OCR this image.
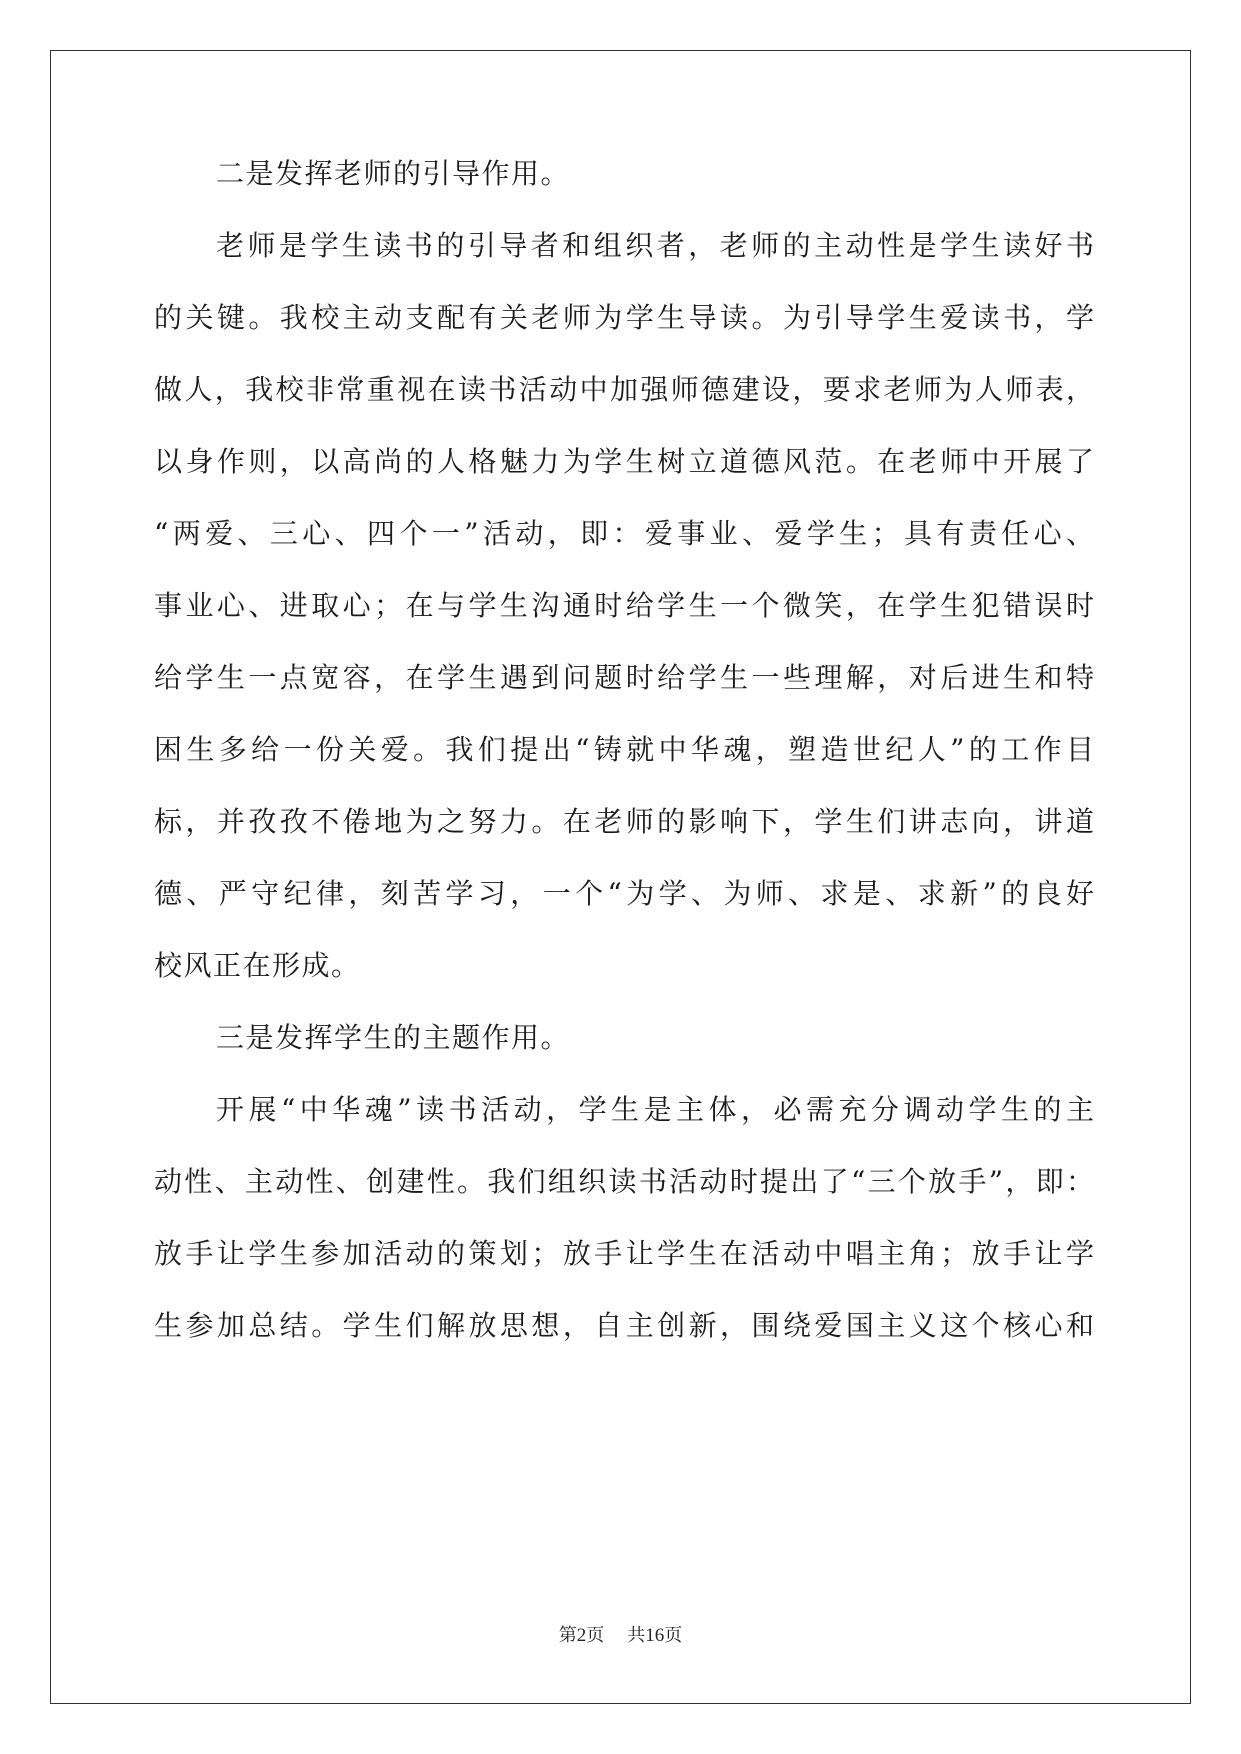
二是发挥老师的引导作用。
老师是学生读书的引导者和组织者，老师的主动性是学生读好书
的关键。我校主动支配有关老师为学生导读。为引导学生爱读书，学
做人，我校非常重视在读书活动中加强师德建设，要求老师为人师表，
以身作则，以高尚的人格魅力为学生树立道德风范。在老师中开展了
“两爱、三心、四个一”活动，即：爱事业、爱学生；具有责任心、
事业心、进取心；在与学生沟通时给学生一个微笑，在学生犯错误时
给学生一点宽容，在学生遇到问题时给学生一些理解，对后进生和特
困生多给一份关爱。我们提出“铸就中华魂，塑造世纪人”的工作目
标，并孜孜不倦地为之努力。在老师的影响下，学生们讲志向，讲道
德、严守纪律，刻苦学习，一个“为学、为师、求是、求新”的良好
校风正在形成。
三是发挥学生的主题作用。
开展“中华魂”读书活动，学生是主体，必需充分调动学生的主
动性、主动性、创建性。我们组织读书活动时提出了“三个放手”，即：
放手让学生参加活动的策划；放手让学生在活动中唱主角；放手让学
生参加总结。学生们解放思想，自主创新，围绕爱国主义这个核心和
第2页 共16页
